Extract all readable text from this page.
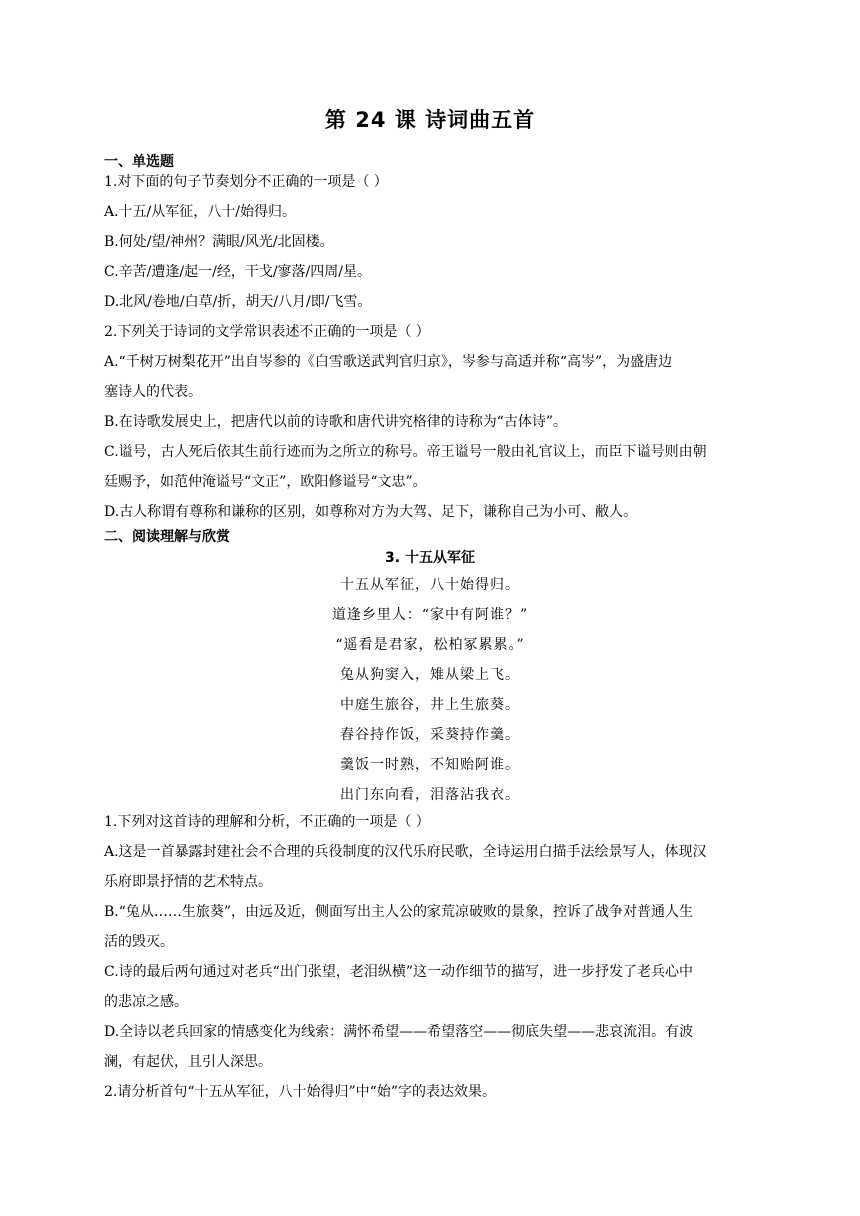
第 24 课 诗词曲五首
一、单选题
1.对下面的句子节奏划分不正确的一项是（ ）
A.十五/从军征，八十/始得归。
B.何处/望/神州？满眼/风光/北固楼。
C.辛苦/遭逢/起一/经，干戈/寥落/四周/星。
D.北风/卷地/白草/折，胡天/八月/即/飞雪。
2.下列关于诗词的文学常识表述不正确的一项是（ ）
A.“千树万树梨花开”出自岑参的《白雪歌送武判官归京》，岑参与高适并称“高岑”，为盛唐边
塞诗人的代表。
B.在诗歌发展史上，把唐代以前的诗歌和唐代讲究格律的诗称为“古体诗”。
C.谥号，古人死后依其生前行迹而为之所立的称号。帝王谥号一般由礼官议上，而臣下谥号则由朝
廷赐予，如范仲淹谥号“文正”，欧阳修谥号“文忠”。
D.古人称谓有尊称和谦称的区别，如尊称对方为大驾、足下，谦称自己为小可、敝人。
二、阅读理解与欣赏
3. 十五从军征
十五从军征，八十始得归。
道逢乡里人：“家中有阿谁？”
“遥看是君家，松柏冢累累。”
兔从狗窦入，雉从梁上飞。
中庭生旅谷，井上生旅葵。
舂谷持作饭，采葵持作羹。
羹饭一时熟，不知贻阿谁。
出门东向看，泪落沾我衣。
1.下列对这首诗的理解和分析，不正确的一项是（ ）
A.这是一首暴露封建社会不合理的兵役制度的汉代乐府民歌，全诗运用白描手法绘景写人，体现汉
乐府即景抒情的艺术特点。
B.“兔从……生旅葵”，由远及近，侧面写出主人公的家荒凉破败的景象，控诉了战争对普通人生
活的毁灭。
C.诗的最后两句通过对老兵“出门张望，老泪纵横”这一动作细节的描写，进一步抒发了老兵心中
的悲凉之感。
D.全诗以老兵回家的情感变化为线索：满怀希望——希望落空——彻底失望——悲哀流泪。有波
澜，有起伏，且引人深思。
2.请分析首句“十五从军征，八十始得归”中“始”字的表达效果。
